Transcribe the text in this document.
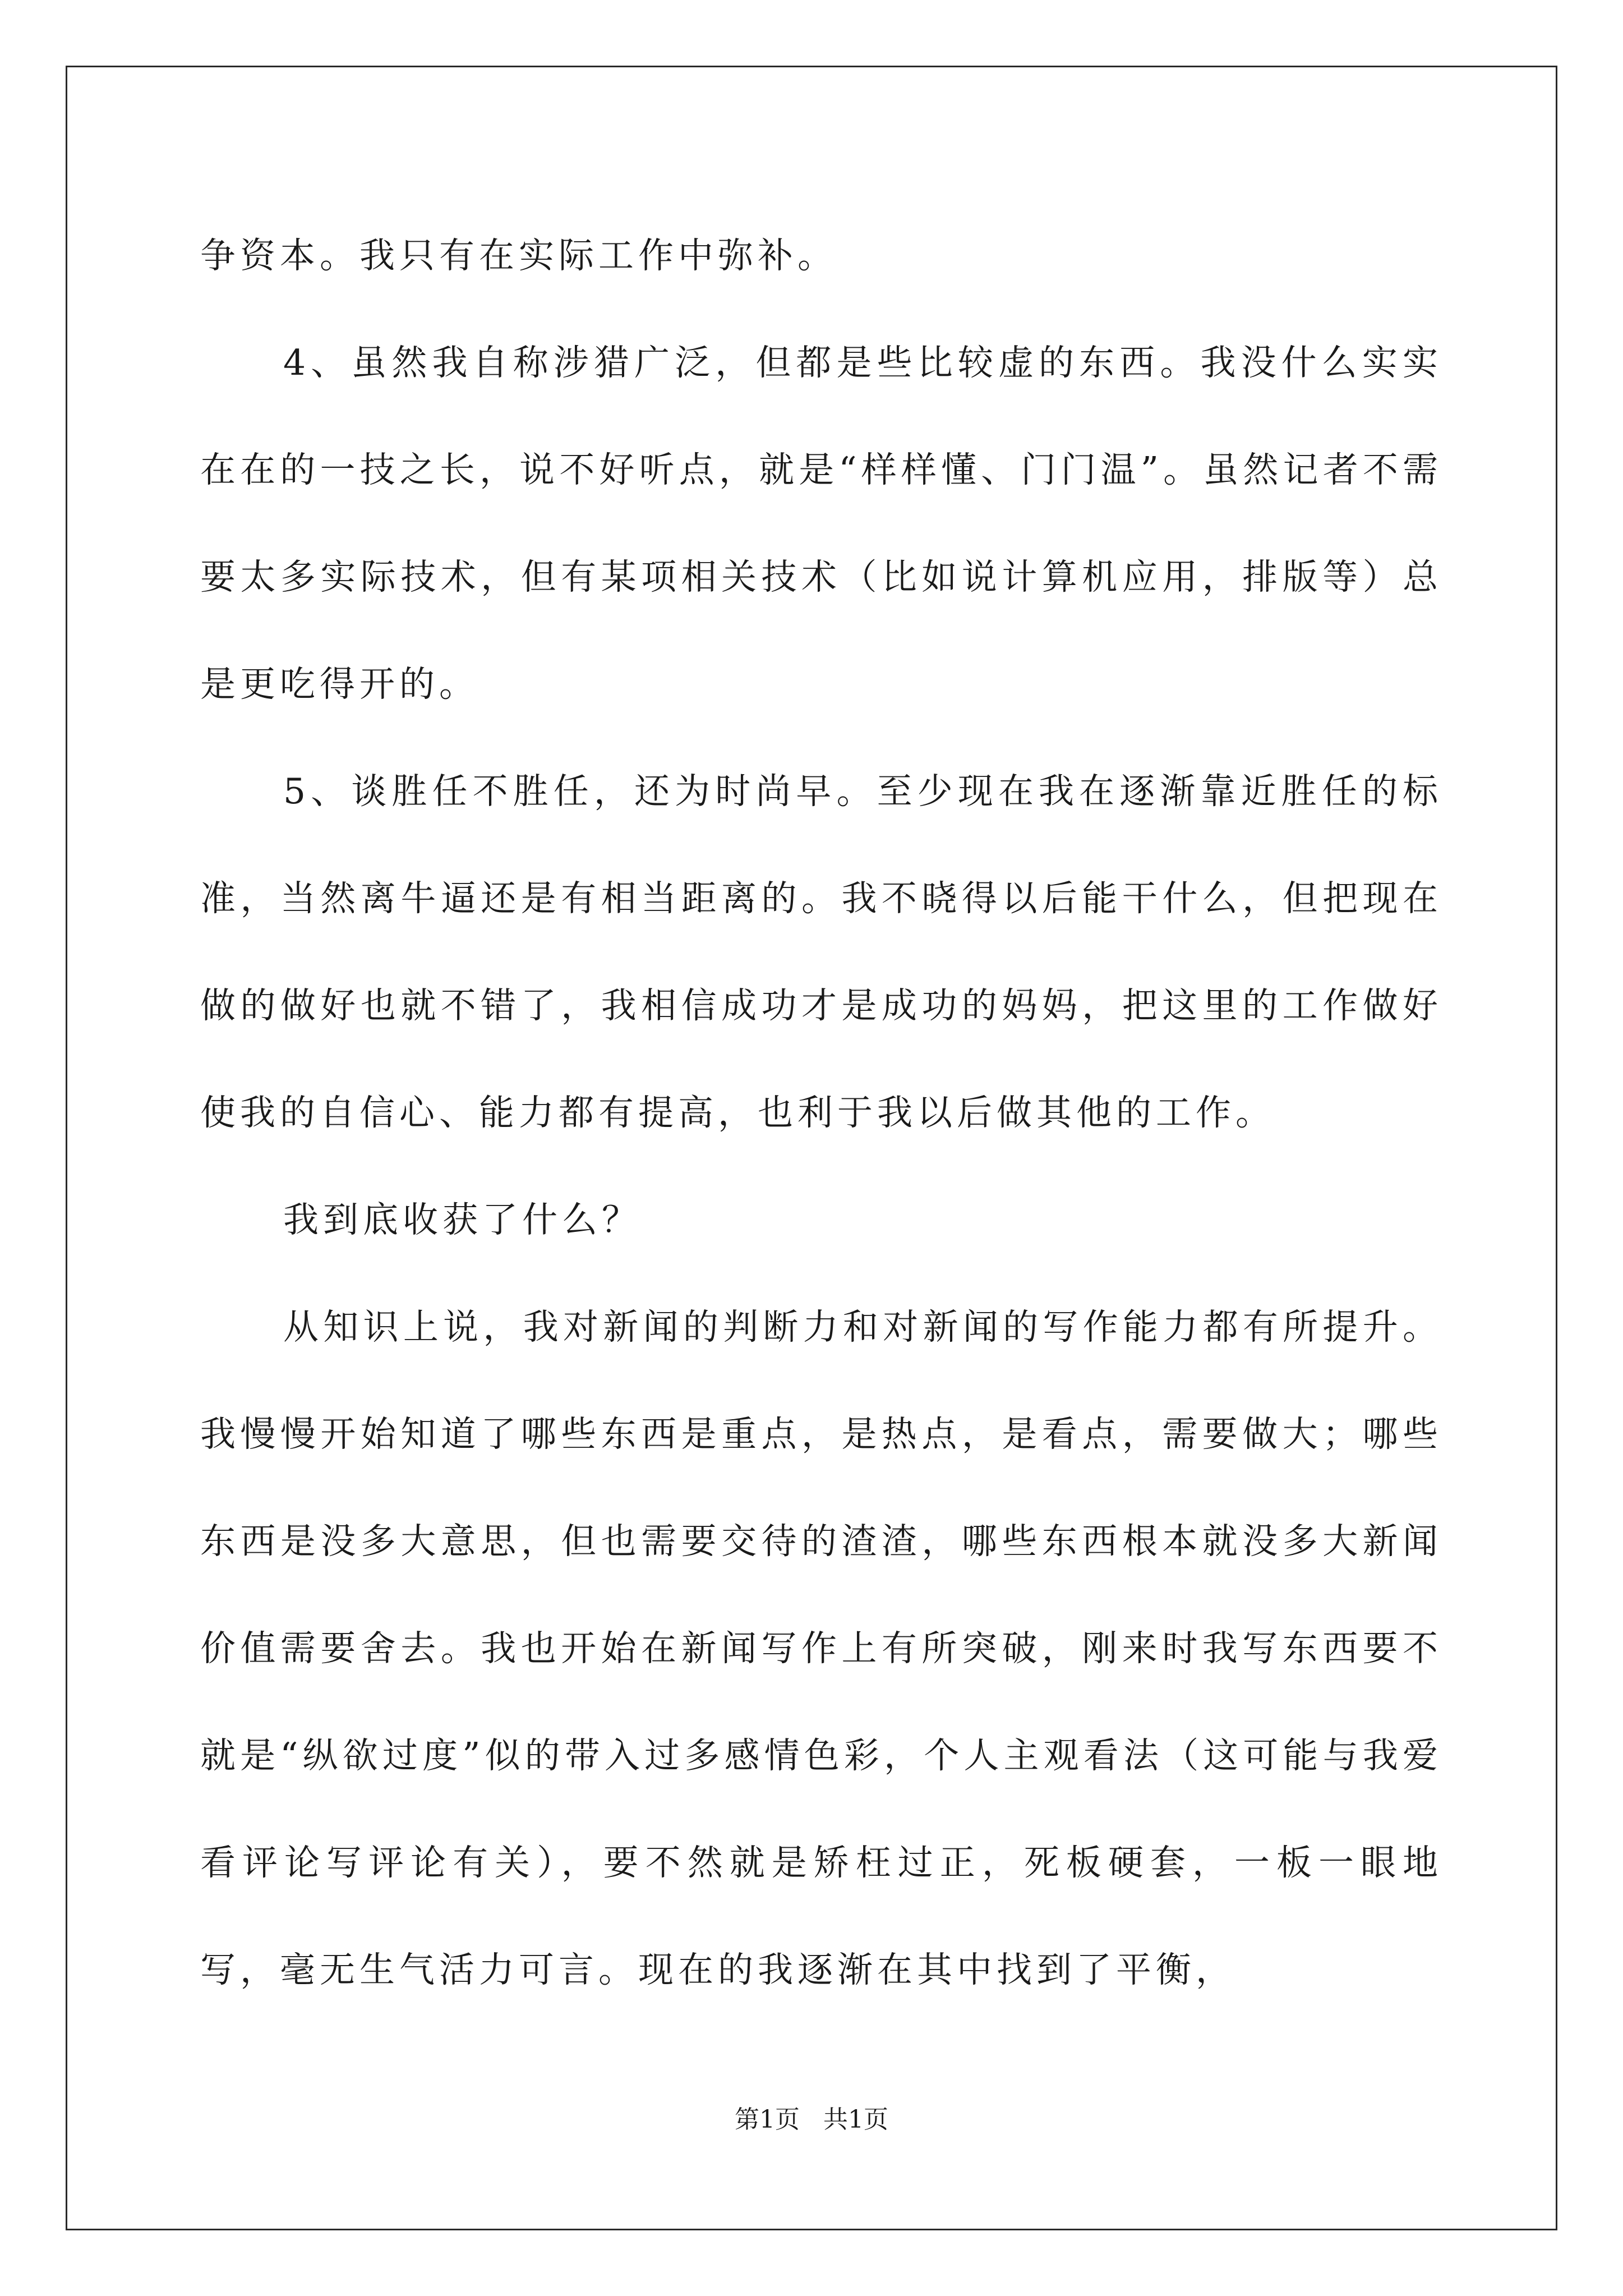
争资本。我只有在实际工作中弥补。

4、虽然我自称涉猎广泛，但都是些比较虚的东西。我没什么实实在在的一技之长，说不好听点，就是“样样懂、门门温”。虽然记者不需要太多实际技术，但有某项相关技术（比如说计算机应用，排版等）总是更吃得开的。

5、谈胜任不胜任，还为时尚早。至少现在我在逐渐靠近胜任的标准，当然离牛逼还是有相当距离的。我不晓得以后能干什么，但把现在做的做好也就不错了，我相信成功才是成功的妈妈，把这里的工作做好使我的自信心、能力都有提高，也利于我以后做其他的工作。

我到底收获了什么？

从知识上说，我对新闻的判断力和对新闻的写作能力都有所提升。我慢慢开始知道了哪些东西是重点，是热点，是看点，需要做大；哪些东西是没多大意思，但也需要交待的渣渣，哪些东西根本就没多大新闻价值需要舍去。我也开始在新闻写作上有所突破，刚来时我写东西要不就是“纵欲过度”似的带入过多感情色彩，个人主观看法（这可能与我爱看评论写评论有关），要不然就是矫枉过正，死板硬套，一板一眼地写，毫无生气活力可言。现在的我逐渐在其中找到了平衡，

第1页   共1页
